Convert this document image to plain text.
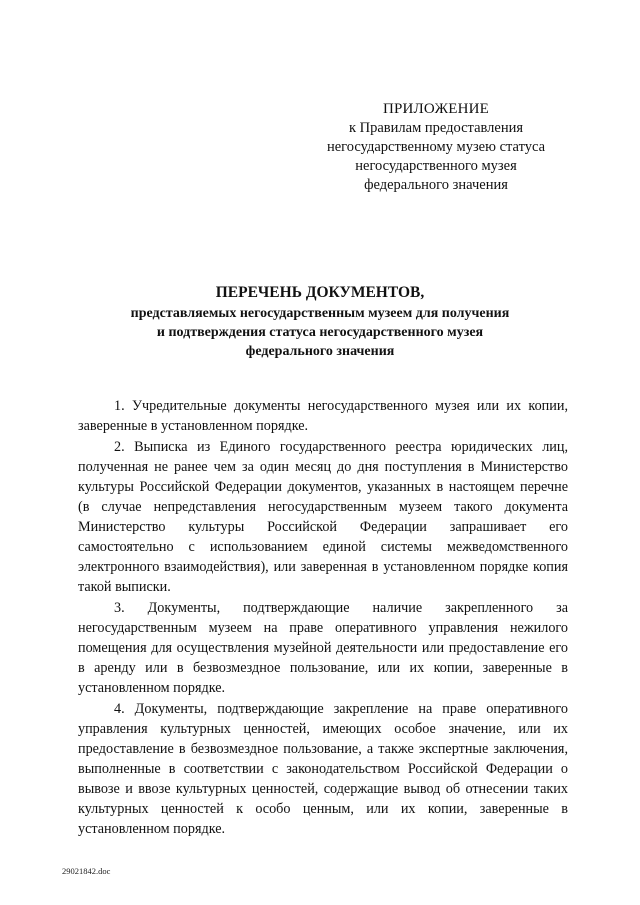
ПРИЛОЖЕНИЕ
к Правилам предоставления
негосударственному музею статуса
негосударственного музея
федерального значения
ПЕРЕЧЕНЬ ДОКУМЕНТОВ,
представляемых негосударственным музеем для получения
и подтверждения статуса негосударственного музея
федерального значения

1. Учредительные документы негосударственного музея или их копии, заверенные в установленном порядке.

2. Выписка из Единого государственного реестра юридических лиц, полученная не ранее чем за один месяц до дня поступления в Министерство культуры Российской Федерации документов, указанных в настоящем перечне (в случае непредставления негосударственным музеем такого документа Министерство культуры Российской Федерации запрашивает его самостоятельно с использованием единой системы межведомственного электронного взаимодействия), или заверенная в установленном порядке копия такой выписки.

3. Документы, подтверждающие наличие закрепленного за негосударственным музеем на праве оперативного управления нежилого помещения для осуществления музейной деятельности или предоставление его в аренду или в безвозмездное пользование, или их копии, заверенные в установленном порядке.

4. Документы, подтверждающие закрепление на праве оперативного управления культурных ценностей, имеющих особое значение, или их предоставление в безвозмездное пользование, а также экспертные заключения, выполненные в соответствии с законодательством Российской Федерации о вывозе и ввозе культурных ценностей, содержащие вывод об отнесении таких культурных ценностей к особо ценным, или их копии, заверенные в установленном порядке.

29021842.doc
